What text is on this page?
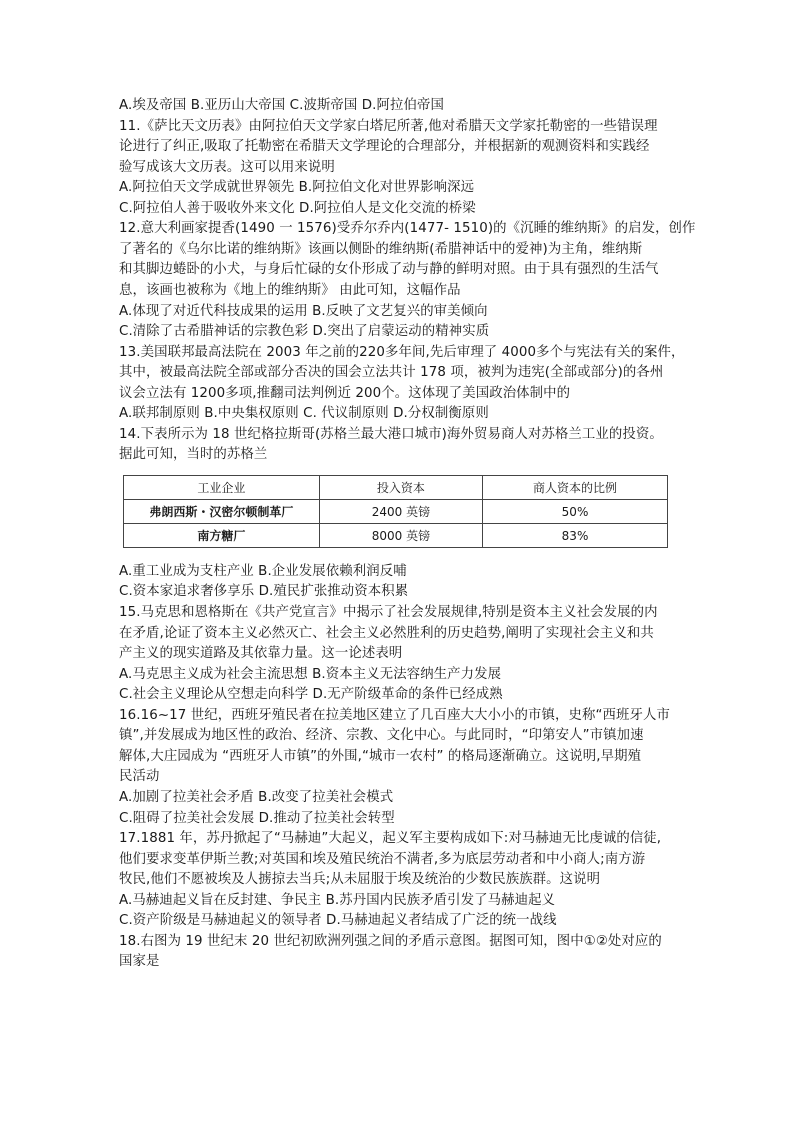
A.埃及帝国 B.亚历山大帝国 C.波斯帝国 D.阿拉伯帝国
11.《萨比天文历表》由阿拉伯天文学家白塔尼所著,他对希腊天文学家托勒密的一些错误理
论进行了纠正,吸取了托勒密在希腊天文学理论的合理部分，并根据新的观测资料和实践经
验写成该大文历表。这可以用来说明
A.阿拉伯天文学成就世界领先 B.阿拉伯文化对世界影响深远
C.阿拉伯人善于吸收外来文化 D.阿拉伯人是文化交流的桥梁
12.意大利画家提香(1490 一 1576)受乔尔乔内(1477- 1510)的《沉睡的维纳斯》的启发，创作
了著名的《乌尔比诺的维纳斯》该画以侧卧的维纳斯(希腊神话中的爱神)为主角，维纳斯
和其脚边蜷卧的小犬，与身后忙碌的女仆形成了动与静的鲜明对照。由于具有强烈的生活气
息，该画也被称为《地上的维纳斯》 由此可知，这幅作品
A.体现了对近代科技成果的运用 B.反映了文艺复兴的审美倾向
C.清除了古希腊神话的宗教色彩 D.突出了启蒙运动的精神实质
13.美国联邦最高法院在 2003 年之前的220多年间,先后审理了 4000多个与宪法有关的案件，
其中，被最高法院全部或部分否决的国会立法共计 178 项，被判为违宪(全部或部分)的各州
议会立法有 1200多项,推翻司法判例近 200个。这体现了美国政治体制中的
A.联邦制原则 B.中央集权原则 C. 代议制原则 D.分权制衡原则
14.下表所示为 18 世纪格拉斯哥(苏格兰最大港口城市)海外贸易商人对苏格兰工业的投资。
据此可知，当时的苏格兰
A.重工业成为支柱产业 B.企业发展依赖利润反哺
C.资本家追求奢侈享乐 D.殖民扩张推动资本积累
15.马克思和恩格斯在《共产党宣言》中揭示了社会发展规律,特别是资本主义社会发展的内
在矛盾,论证了资本主义必然灭亡、社会主义必然胜利的历史趋势,阐明了实现社会主义和共
产主义的现实道路及其依靠力量。这一论述表明
A.马克思主义成为社会主流思想 B.资本主义无法容纳生产力发展
C.社会主义理论从空想走向科学 D.无产阶级革命的条件已经成熟
16.16~17 世纪，西班牙殖民者在拉美地区建立了几百座大大小小的市镇，史称“西班牙人市
镇”,并发展成为地区性的政治、经济、宗教、文化中心。与此同时，“印第安人”市镇加速
解体,大庄园成为 “西班牙人市镇”的外围,“城市一农村” 的格局逐渐确立。这说明,早期殖
民活动
A.加剧了拉美社会矛盾 B.改变了拉美社会模式
C.阻碍了拉美社会发展 D.推动了拉美社会转型
17.1881 年，苏丹掀起了“马赫迪”大起义，起义军主要构成如下:对马赫迪无比虔诚的信徒,
他们要求变革伊斯兰教;对英国和埃及殖民统治不满者,多为底层劳动者和中小商人;南方游
牧民,他们不愿被埃及人掳掠去当兵;从未屈服于埃及统治的少数民族族群。这说明
A.马赫迪起义旨在反封建、争民主 B.苏丹国内民族矛盾引发了马赫迪起义
C.资产阶级是马赫迪起义的领导者 D.马赫迪起义者结成了广泛的统一战线
18.右图为 19 世纪末 20 世纪初欧洲列强之间的矛盾示意图。据图可知，图中①②处对应的
国家是
工业企业	投入资本	商人资本的比例
弗朗西斯・汉密尔顿制革厂	2400 英镑	50%
南方糖厂	8000 英镑	83%
